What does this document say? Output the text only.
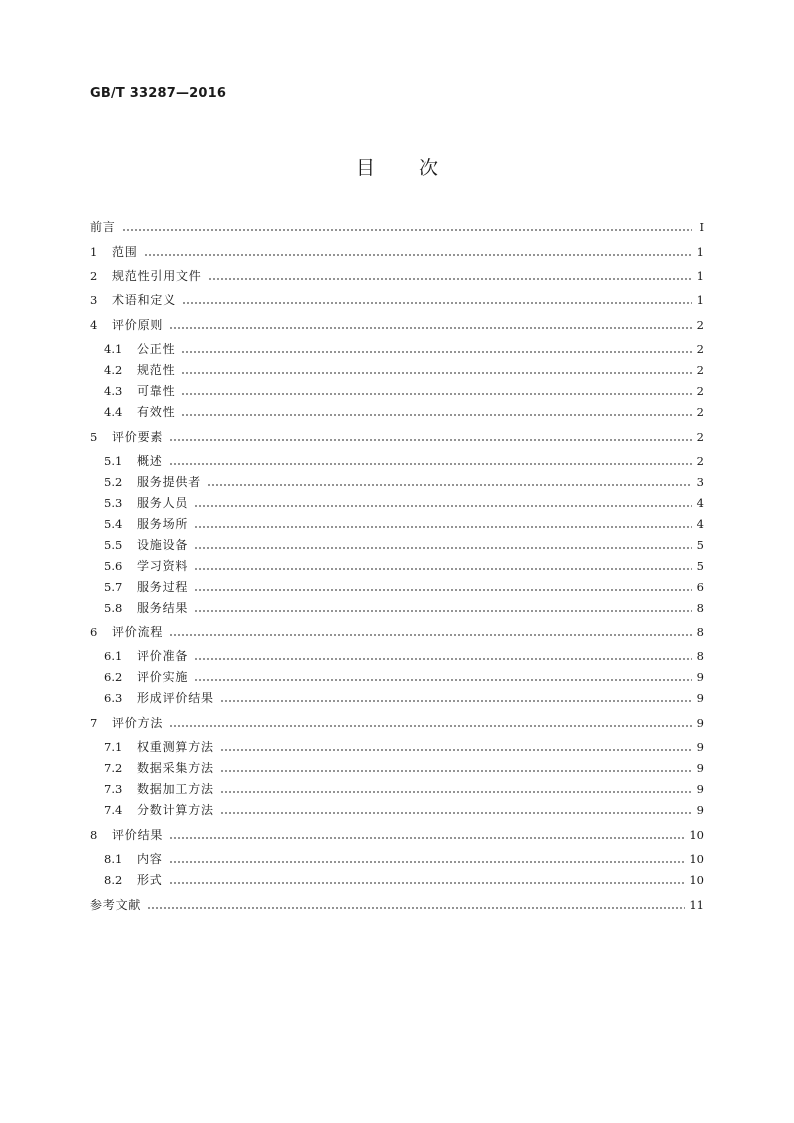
GB/T 33287—2016
目 次
前言	I
1	范围	1
2	规范性引用文件	1
3	术语和定义	1
4	评价原则	2
4.1	公正性	2
4.2	规范性	2
4.3	可靠性	2
4.4	有效性	2
5	评价要素	2
5.1	概述	2
5.2	服务提供者	3
5.3	服务人员	4
5.4	服务场所	4
5.5	设施设备	5
5.6	学习资料	5
5.7	服务过程	6
5.8	服务结果	8
6	评价流程	8
6.1	评价准备	8
6.2	评价实施	9
6.3	形成评价结果	9
7	评价方法	9
7.1	权重测算方法	9
7.2	数据采集方法	9
7.3	数据加工方法	9
7.4	分数计算方法	9
8	评价结果	10
8.1	内容	10
8.2	形式	10
参考文献	11
